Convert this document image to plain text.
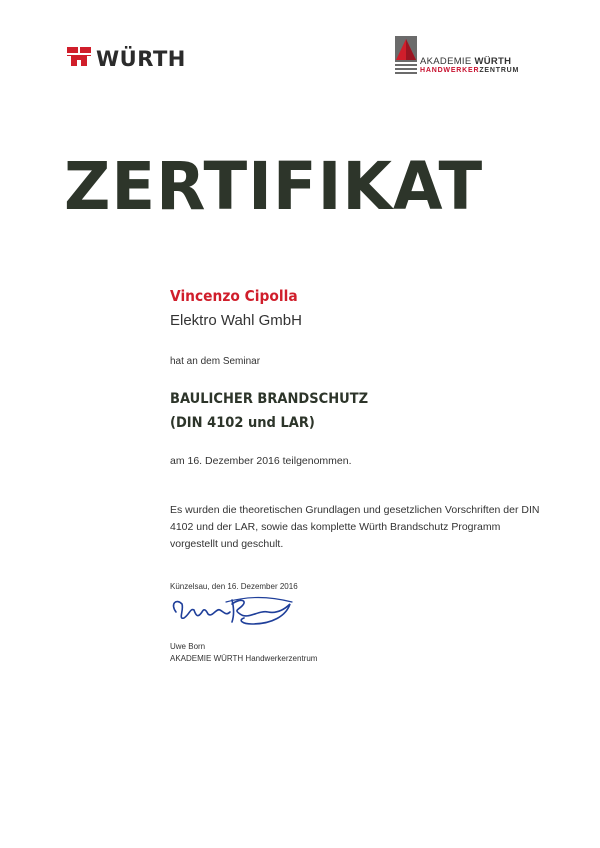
WÜRTH	AKADEMIE WÜRTH
HANDWERKERZENTRUM
ZERTIFIKAT
Vincenzo Cipolla
Elektro Wahl GmbH
hat an dem Seminar
BAULICHER BRANDSCHUTZ
(DIN 4102 und LAR)
am 16. Dezember 2016 teilgenommen.
Es wurden die theoretischen Grundlagen und gesetzlichen Vorschriften der DIN 4102 und der LAR, sowie das komplette Würth Brandschutz Programm vorgestellt und geschult.
Künzelsau, den 16. Dezember 2016
Uwe Born
AKADEMIE WÜRTH Handwerkerzentrum
